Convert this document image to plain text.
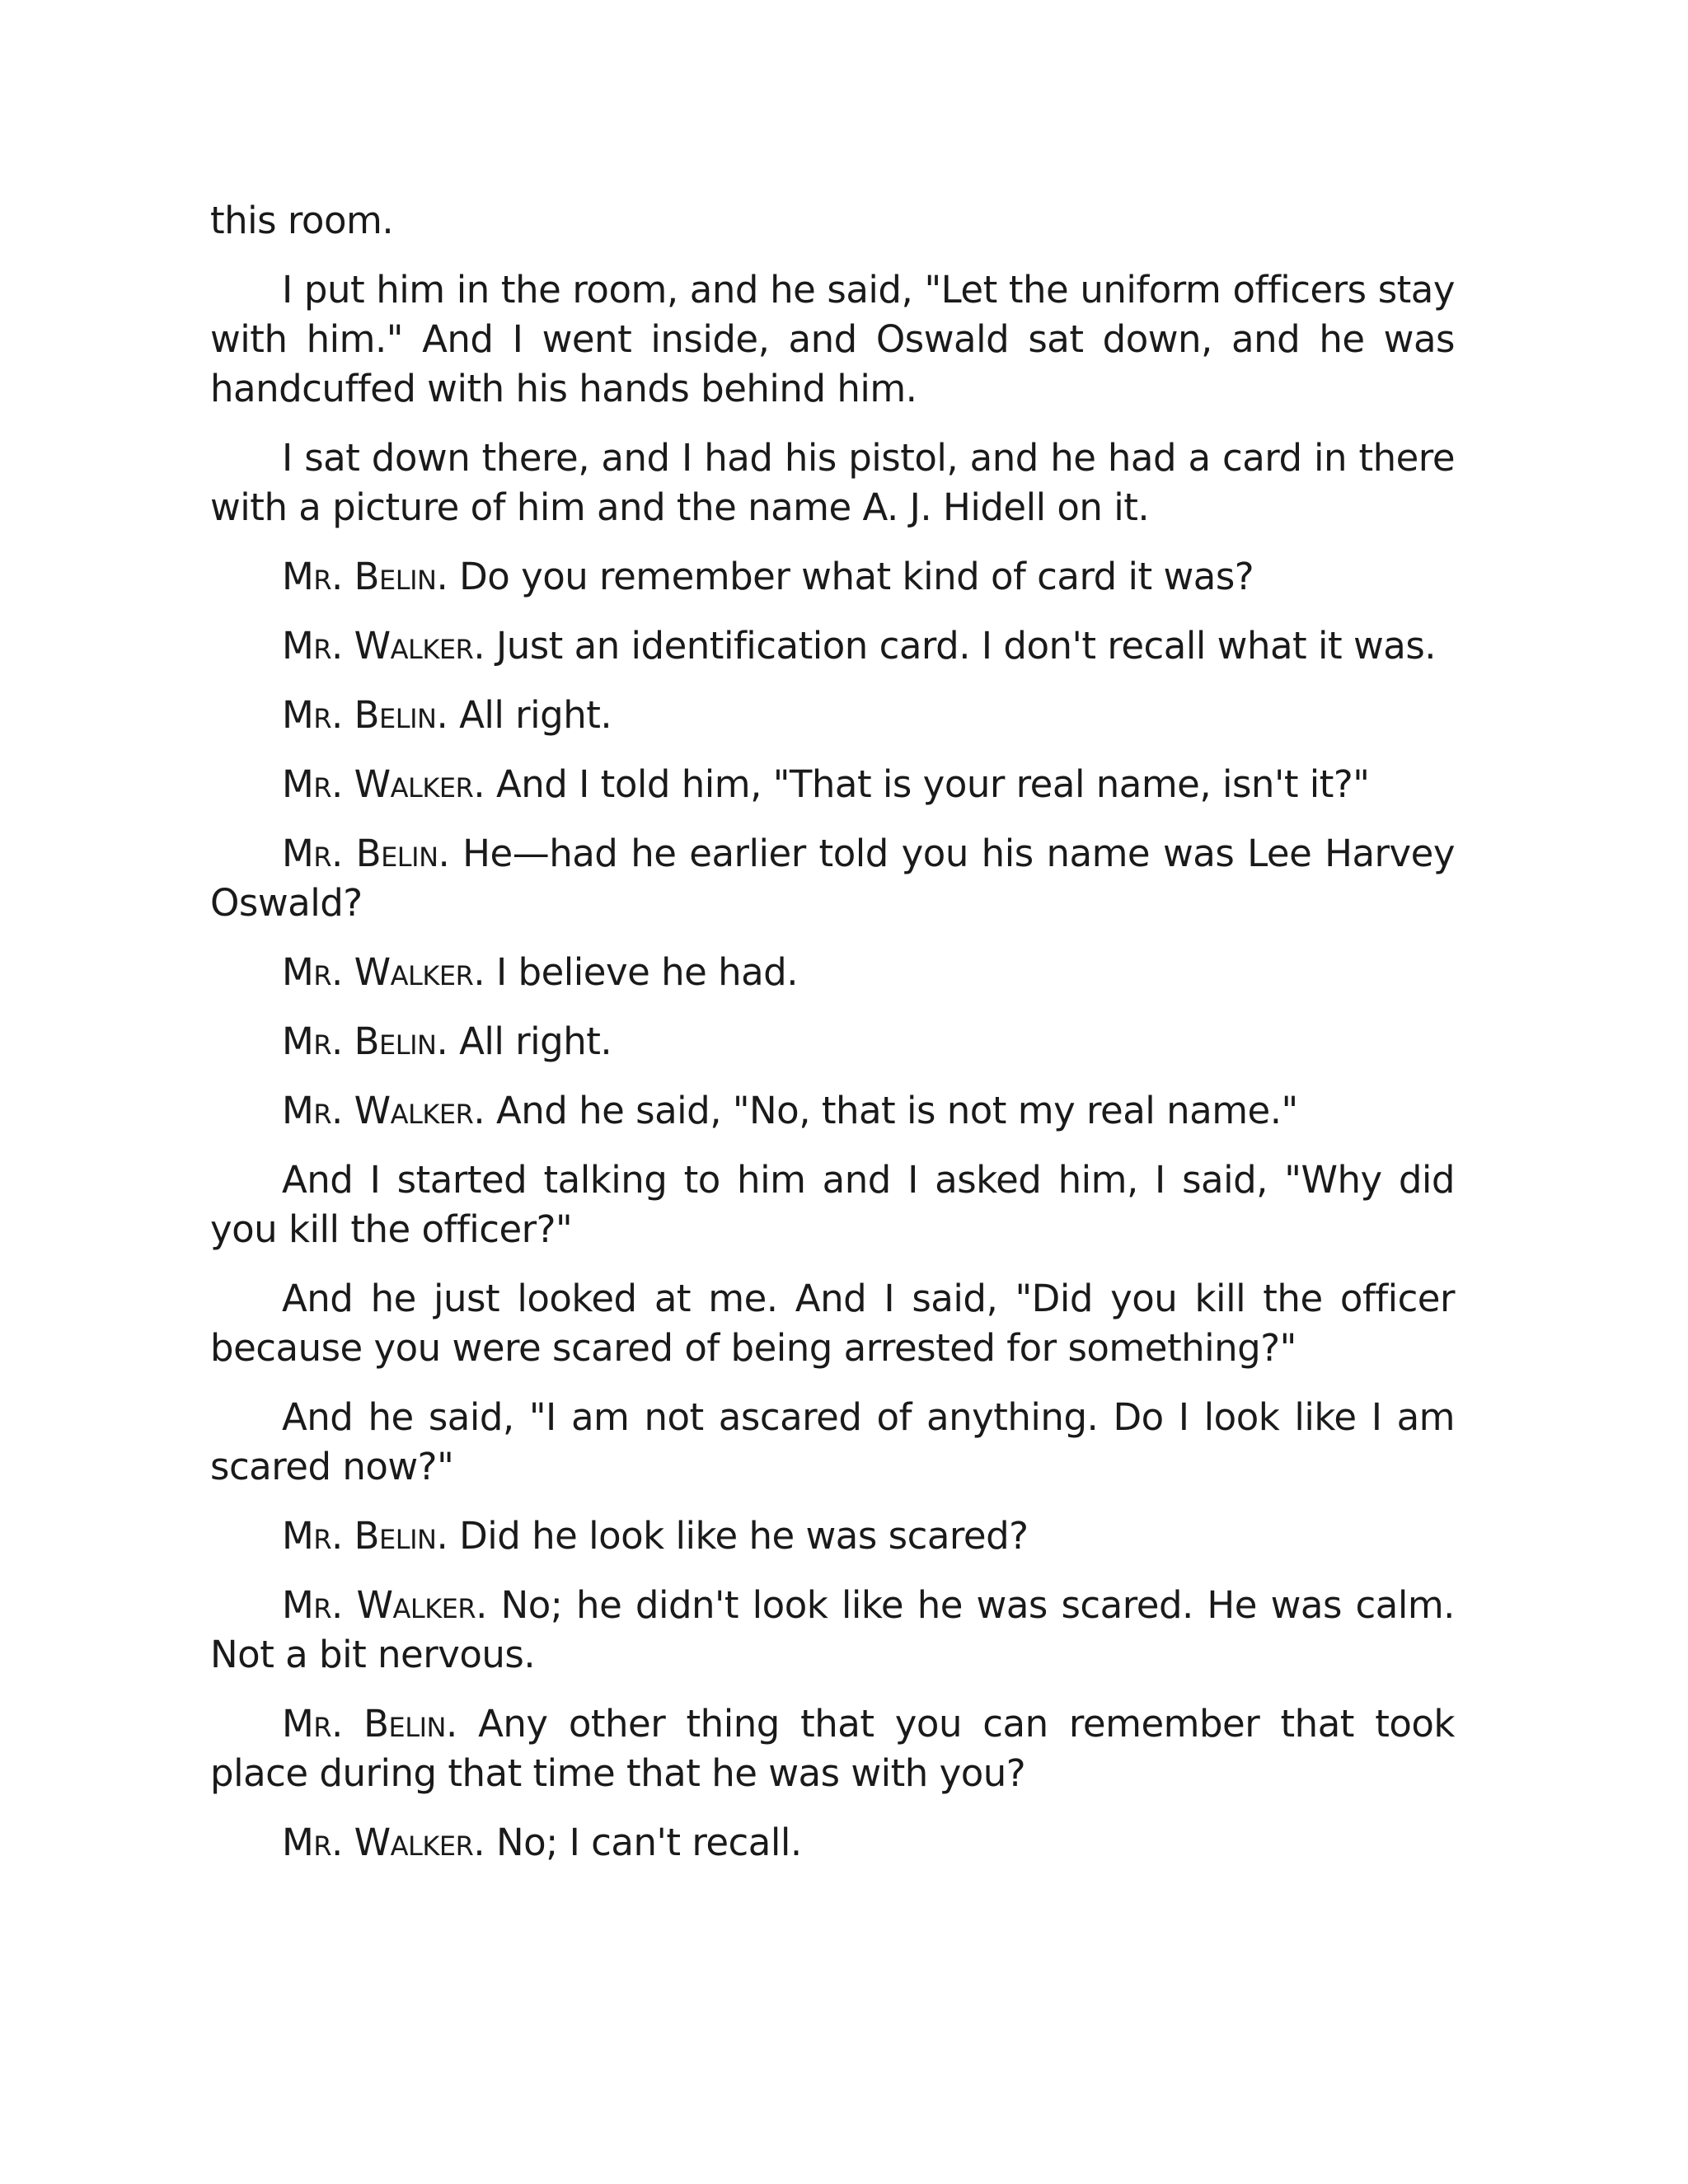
this room.

I put him in the room, and he said, "Let the uniform officers stay with him." And I went inside, and Oswald sat down, and he was handcuffed with his hands behind him.

I sat down there, and I had his pistol, and he had a card in there with a picture of him and the name A. J. Hidell on it.

Mr. Belin. Do you remember what kind of card it was?

Mr. Walker. Just an identification card. I don't recall what it was.

Mr. Belin. All right.

Mr. Walker. And I told him, "That is your real name, isn't it?"

Mr. Belin. He—had he earlier told you his name was Lee Harvey Oswald?

Mr. Walker. I believe he had.

Mr. Belin. All right.

Mr. Walker. And he said, "No, that is not my real name."

And I started talking to him and I asked him, I said, "Why did you kill the officer?"

And he just looked at me. And I said, "Did you kill the officer because you were scared of being arrested for something?"

And he said, "I am not ascared of anything. Do I look like I am scared now?"

Mr. Belin. Did he look like he was scared?

Mr. Walker. No; he didn't look like he was scared. He was calm. Not a bit nervous.

Mr. Belin. Any other thing that you can remember that took place during that time that he was with you?

Mr. Walker. No; I can't recall.
